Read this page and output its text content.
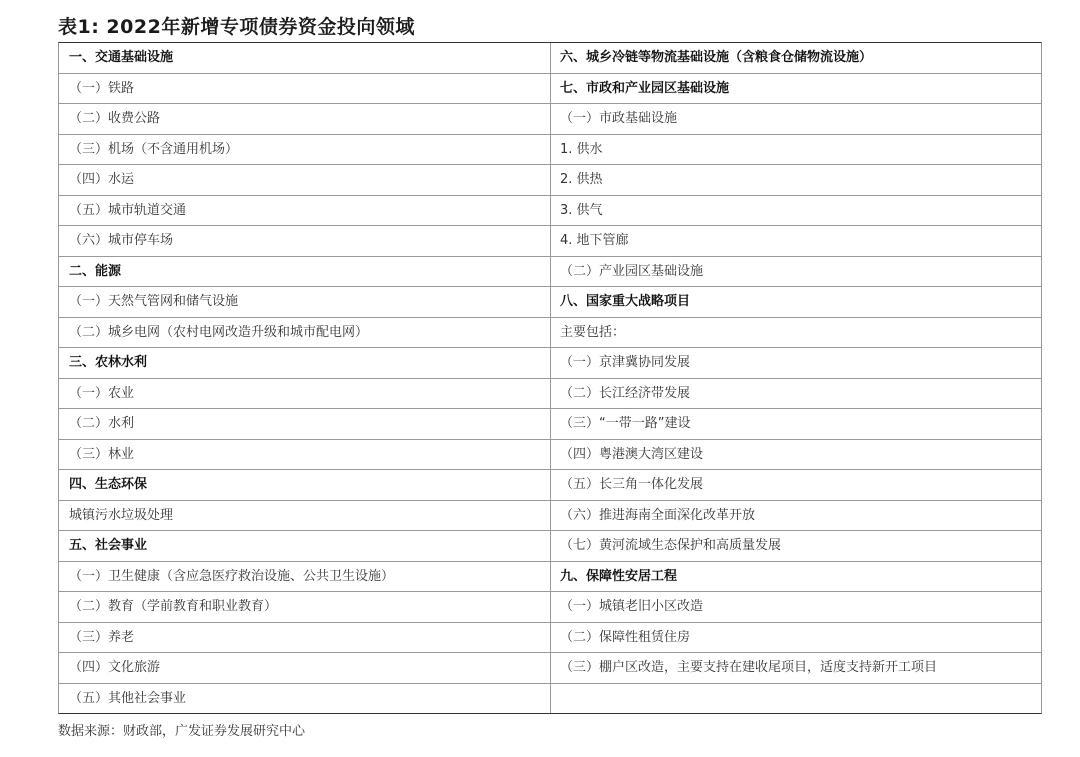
表1: 2022年新增专项债券资金投向领域
一、交通基础设施
（一）铁路
（二）收费公路
（三）机场（不含通用机场）
（四）水运
（五）城市轨道交通
（六）城市停车场
二、能源
（一）天然气管网和储气设施
（二）城乡电网（农村电网改造升级和城市配电网）
三、农林水利
（一）农业
（二）水利
（三）林业
四、生态环保
城镇污水垃圾处理
五、社会事业
（一）卫生健康（含应急医疗救治设施、公共卫生设施）
（二）教育（学前教育和职业教育）
（三）养老
（四）文化旅游
（五）其他社会事业
六、城乡冷链等物流基础设施（含粮食仓储物流设施）
七、市政和产业园区基础设施
（一）市政基础设施
1. 供水
2. 供热
3. 供气
4. 地下管廊
（二）产业园区基础设施
八、国家重大战略项目
主要包括：
（一）京津冀协同发展
（二）长江经济带发展
（三）“一带一路”建设
（四）粤港澳大湾区建设
（五）长三角一体化发展
（六）推进海南全面深化改革开放
（七）黄河流域生态保护和高质量发展
九、保障性安居工程
（一）城镇老旧小区改造
（二）保障性租赁住房
（三）棚户区改造，主要支持在建收尾项目，适度支持新开工项目
数据来源：财政部，广发证券发展研究中心
